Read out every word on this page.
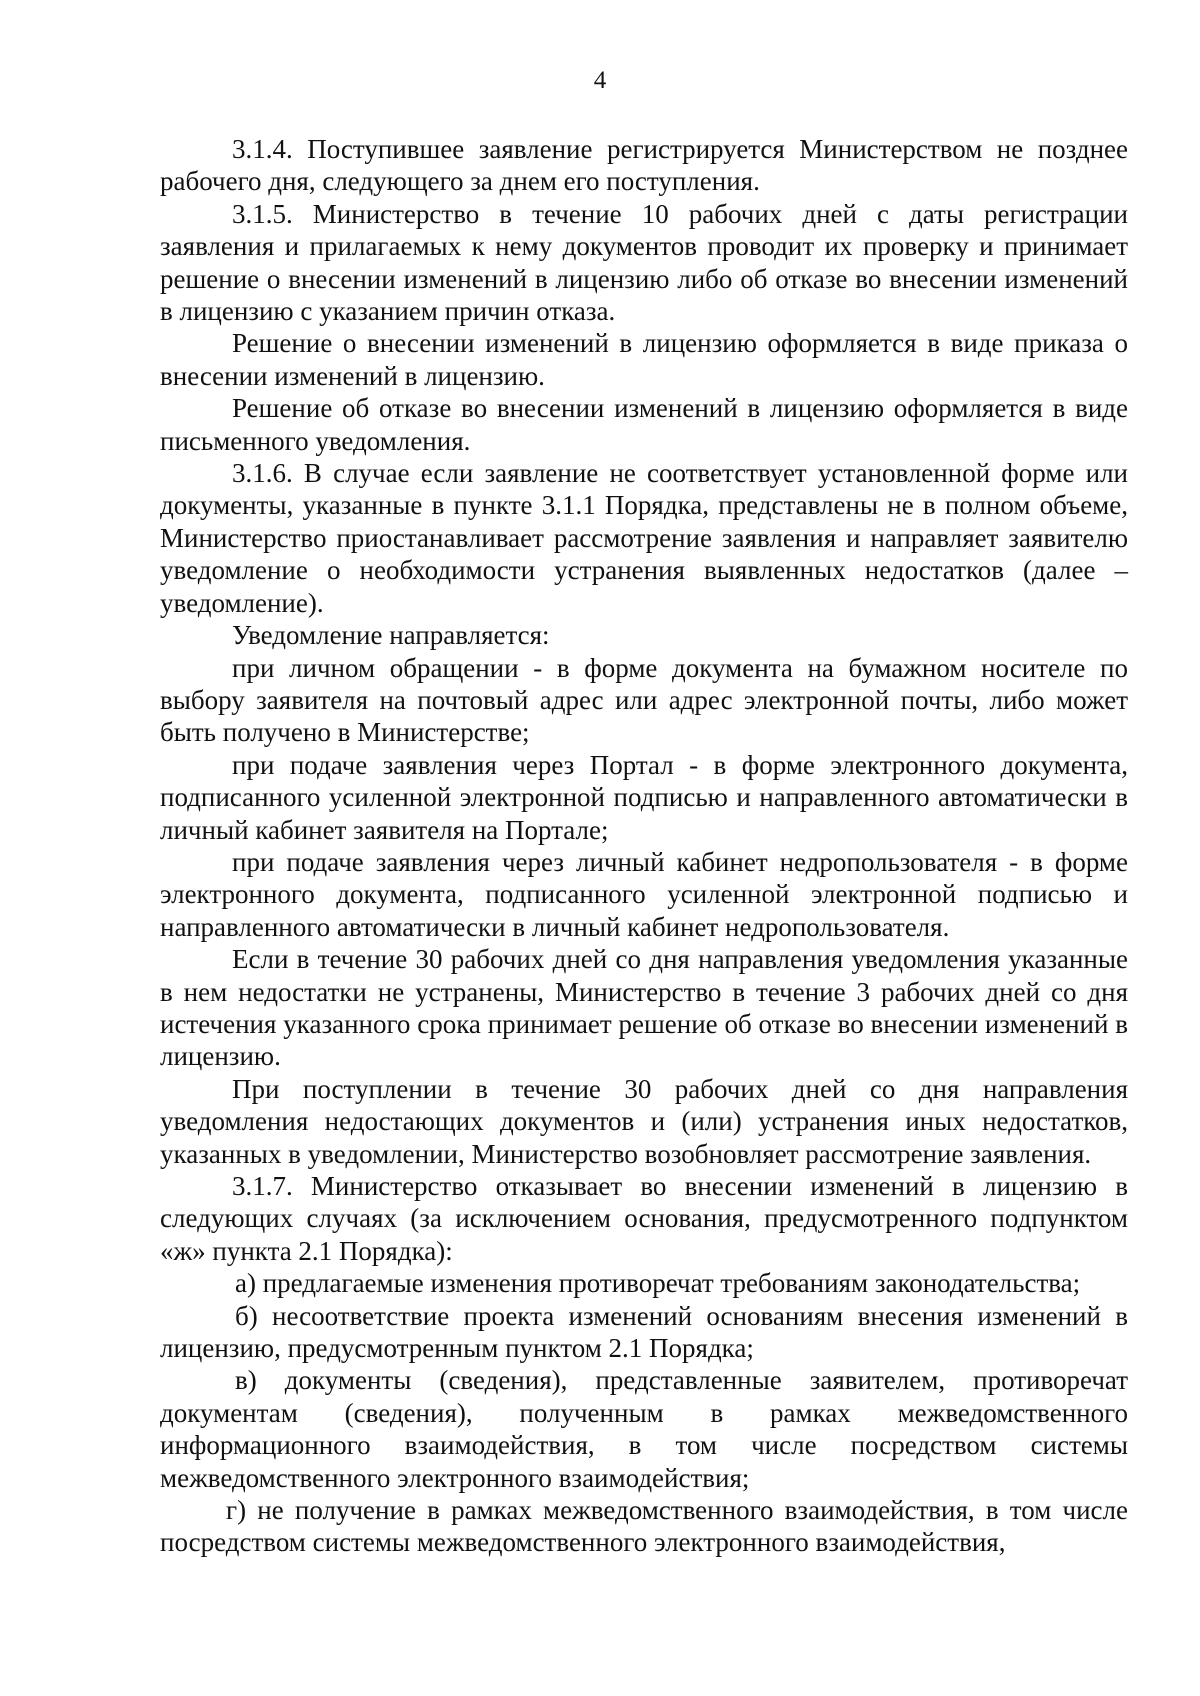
4

3.1.4. Поступившее заявление регистрируется Министерством не позднее рабочего дня, следующего за днем его поступления.

3.1.5. Министерство в течение 10 рабочих дней с даты регистрации заявления и прилагаемых к нему документов проводит их проверку и принимает решение о внесении изменений в лицензию либо об отказе во внесении изменений в лицензию с указанием причин отказа.

Решение о внесении изменений в лицензию оформляется в виде приказа о внесении изменений в лицензию.

Решение об отказе во внесении изменений в лицензию оформляется в виде письменного уведомления.

3.1.6. В случае если заявление не соответствует установленной форме или документы, указанные в пункте 3.1.1 Порядка, представлены не в полном объеме, Министерство приостанавливает рассмотрение заявления и направляет заявителю уведомление о необходимости устранения выявленных недостатков (далее – уведомление).

Уведомление направляется:

при личном обращении - в форме документа на бумажном носителе по выбору заявителя на почтовый адрес или адрес электронной почты, либо может быть получено в Министерстве;

при подаче заявления через Портал - в форме электронного документа, подписанного усиленной электронной подписью и направленного автоматически в личный кабинет заявителя на Портале;

при подаче заявления через личный кабинет недропользователя - в форме электронного документа, подписанного усиленной электронной подписью и направленного автоматически в личный кабинет недропользователя.

Если в течение 30 рабочих дней со дня направления уведомления указанные в нем недостатки не устранены, Министерство в течение 3 рабочих дней со дня истечения указанного срока принимает решение об отказе во внесении изменений в лицензию.

При поступлении в течение 30 рабочих дней со дня направления уведомления недостающих документов и (или) устранения иных недостатков, указанных в уведомлении, Министерство возобновляет рассмотрение заявления.

3.1.7. Министерство отказывает во внесении изменений в лицензию в следующих случаях (за исключением основания, предусмотренного подпунктом «ж» пункта 2.1 Порядка):

а) предлагаемые изменения противоречат требованиям законодательства;

б) несоответствие проекта изменений основаниям внесения изменений в лицензию, предусмотренным пунктом 2.1 Порядка;

в) документы (сведения), представленные заявителем, противоречат документам (сведения), полученным в рамках межведомственного информационного взаимодействия, в том числе посредством системы межведомственного электронного взаимодействия;

г) не получение в рамках межведомственного взаимодействия, в том числе посредством системы межведомственного электронного взаимодействия,
